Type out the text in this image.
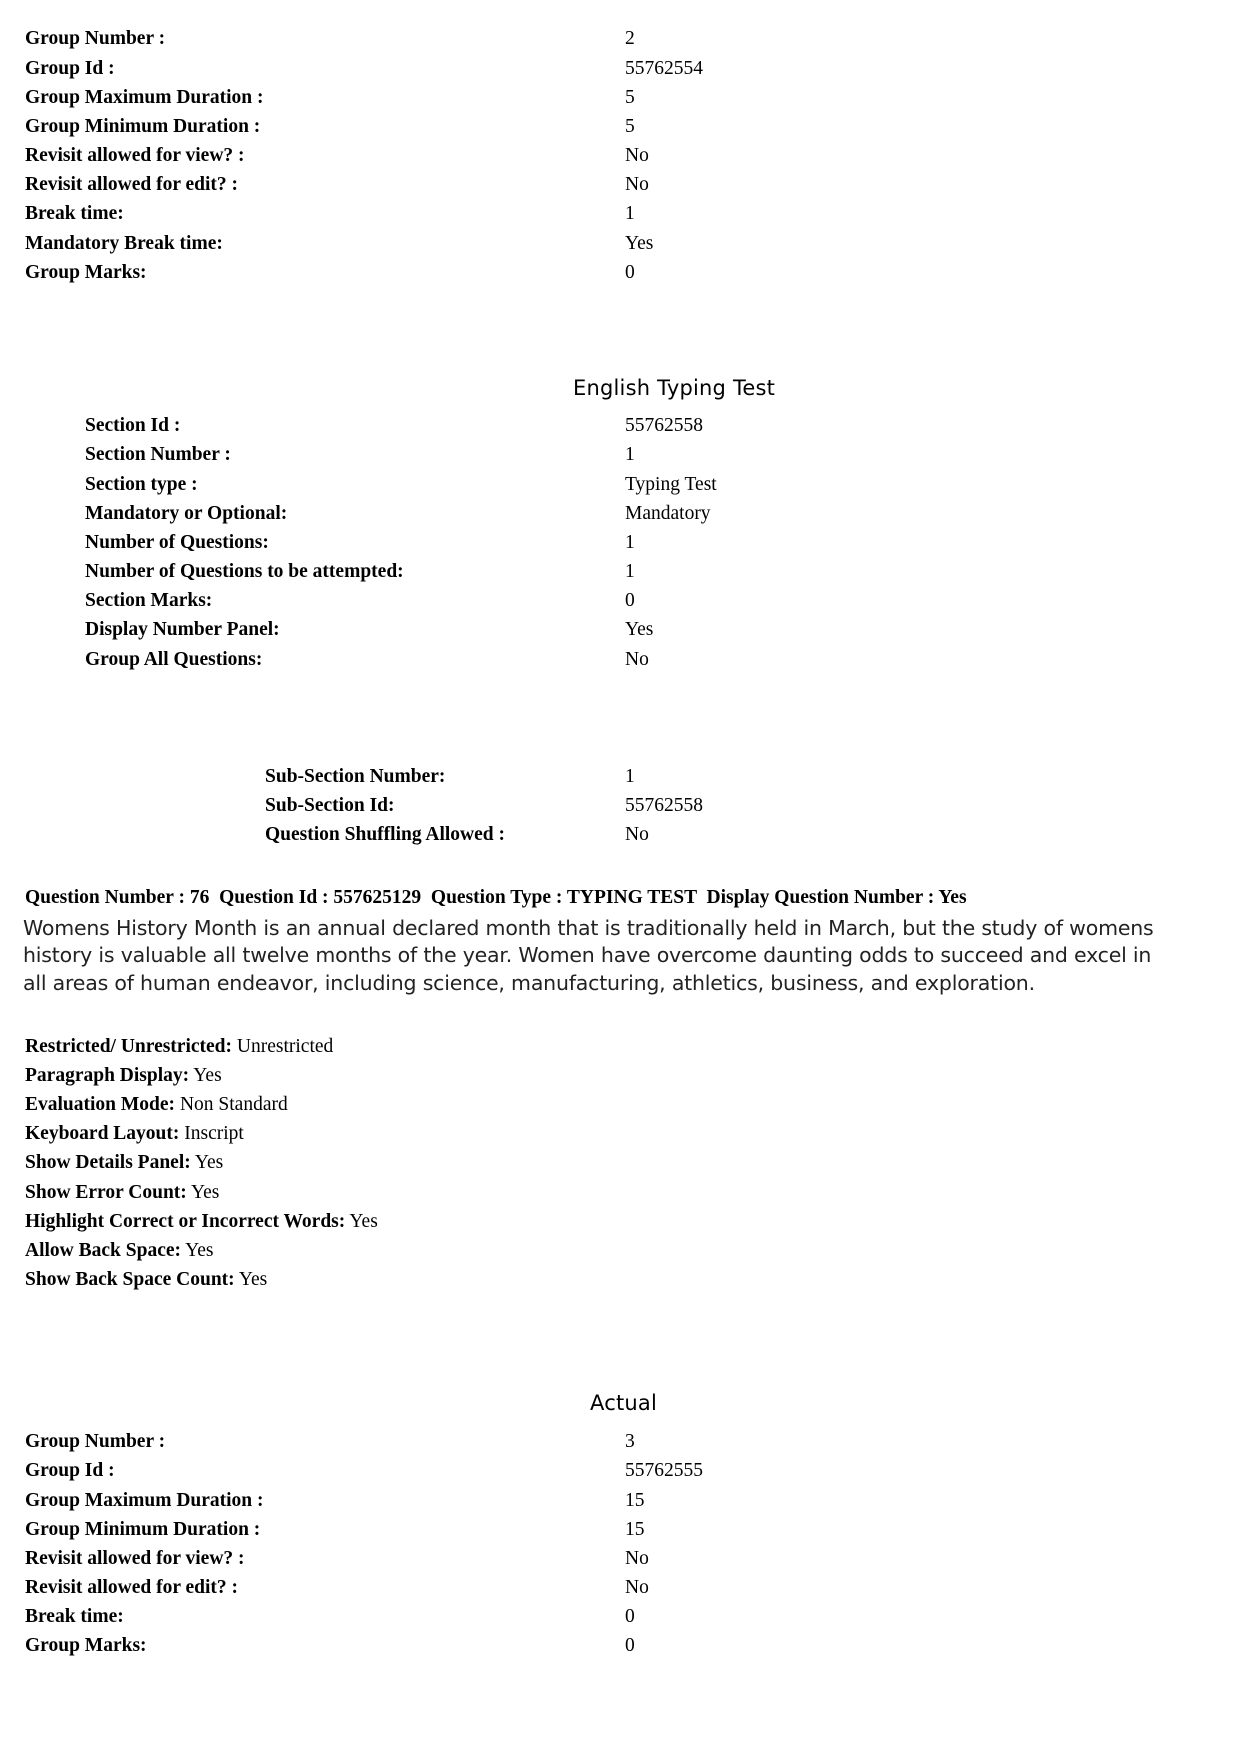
Group Number :	2
Group Id :	55762554
Group Maximum Duration :	5
Group Minimum Duration :	5
Revisit allowed for view? :	No
Revisit allowed for edit? :	No
Break time:	1
Mandatory Break time:	Yes
Group Marks:	0
English Typing Test
Section Id :	55762558
Section Number :	1
Section type :	Typing Test
Mandatory or Optional:	Mandatory
Number of Questions:	1
Number of Questions to be attempted:	1
Section Marks:	0
Display Number Panel:	Yes
Group All Questions:	No
Sub-Section Number:	1
Sub-Section Id:	55762558
Question Shuffling Allowed :	No
Question Number : 76  Question Id : 557625129  Question Type : TYPING TEST  Display Question Number : Yes
Womens History Month is an annual declared month that is traditionally held in March, but the study of womens history is valuable all twelve months of the year. Women have overcome daunting odds to succeed and excel in all areas of human endeavor, including science, manufacturing, athletics, business, and exploration.
Restricted/ Unrestricted: Unrestricted
Paragraph Display: Yes
Evaluation Mode: Non Standard
Keyboard Layout: Inscript
Show Details Panel: Yes
Show Error Count: Yes
Highlight Correct or Incorrect Words: Yes
Allow Back Space: Yes
Show Back Space Count: Yes
Actual
Group Number :	3
Group Id :	55762555
Group Maximum Duration :	15
Group Minimum Duration :	15
Revisit allowed for view? :	No
Revisit allowed for edit? :	No
Break time:	0
Group Marks:	0
